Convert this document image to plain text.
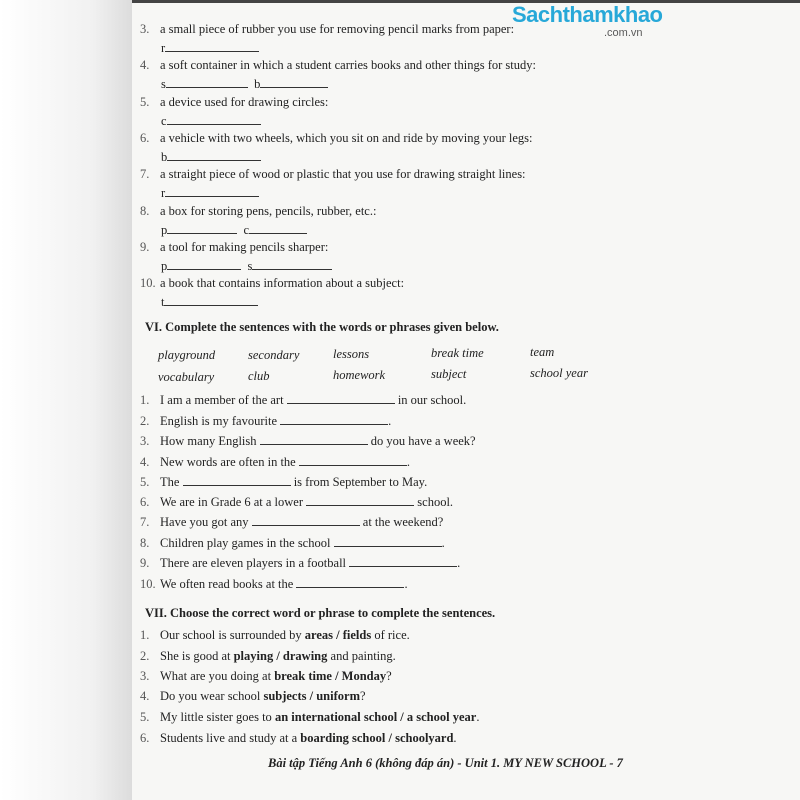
Sachthamkhao
.com.vn
3. a small piece of rubber you use for removing pencil marks from paper:
r
4. a soft container in which a student carries books and other things for study:
s	b
5. a device used for drawing circles:
c
6. a vehicle with two wheels, which you sit on and ride by moving your legs:
b
7. a straight piece of wood or plastic that you use for drawing straight lines:
r
8. a box for storing pens, pencils, rubber, etc.:
p	c
9. a tool for making pencils sharper:
p	s
10. a book that contains information about a subject:
t
VI. Complete the sentences with the words or phrases given below.
playground	secondary	lessons	break time	team
vocabulary	club	homework	subject	school year
1. I am a member of the art	in our school.
2. English is my favourite	.
3. How many English	do you have a week?
4. New words are often in the	.
5. The	is from September to May.
6. We are in Grade 6 at a lower	school.
7. Have you got any	at the weekend?
8. Children play games in the school	.
9. There are eleven players in a football	.
10. We often read books at the	.
VII. Choose the correct word or phrase to complete the sentences.
1. Our school is surrounded by areas / fields of rice.
2. She is good at playing / drawing and painting.
3. What are you doing at break time / Monday?
4. Do you wear school subjects / uniform?
5. My little sister goes to an international school / a school year.
6. Students live and study at a boarding school / schoolyard.
Bài tập Tiếng Anh 6 (không đáp án) - Unit 1. MY NEW SCHOOL - 7
